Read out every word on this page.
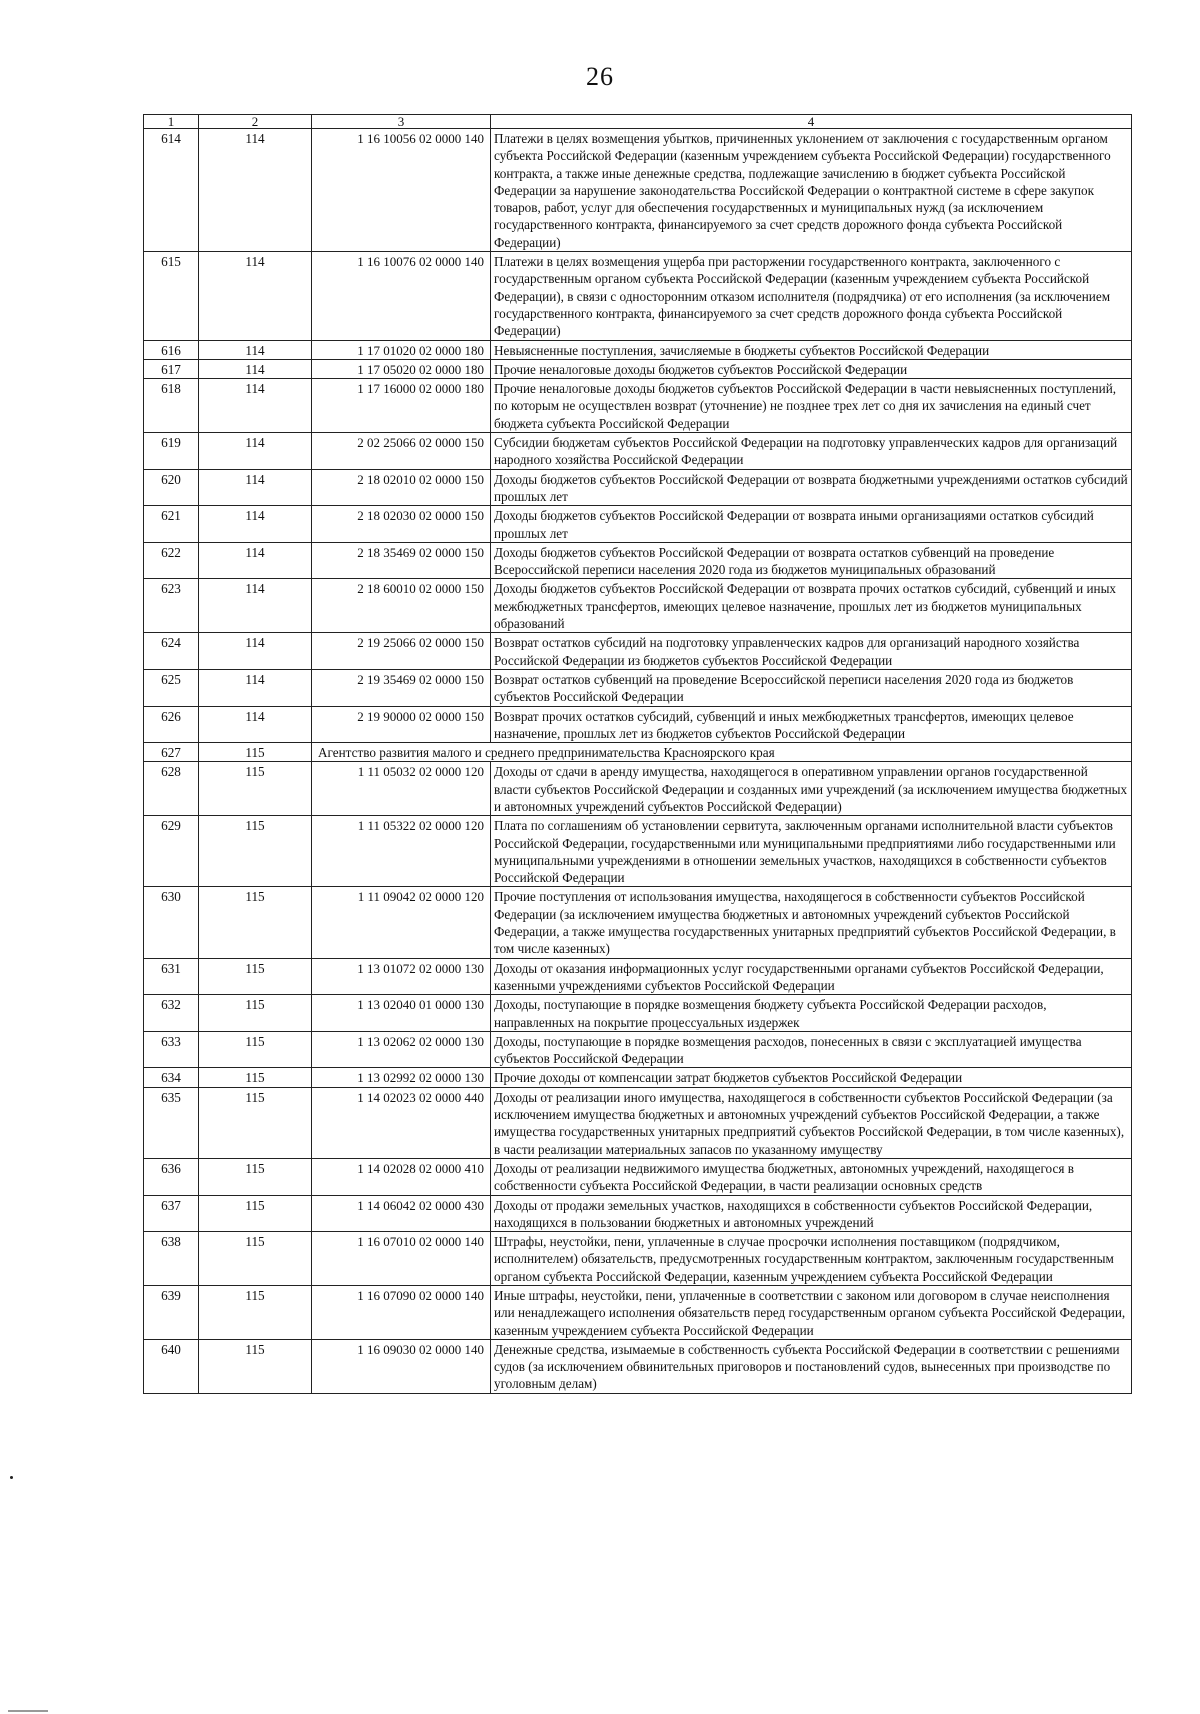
26
1	2	3	4
614	114	1 16 10056 02 0000 140	Платежи в целях возмещения убытков, причиненных уклонением от заключения с государственным органом субъекта Российской Федерации (казенным учреждением субъекта Российской Федерации) государственного контракта, а также иные денежные средства, подлежащие зачислению в бюджет субъекта Российской Федерации за нарушение законодательства Российской Федерации о контрактной системе в сфере закупок товаров, работ, услуг для обеспечения государственных и муниципальных нужд (за исключением государственного контракта, финансируемого за счет средств дорожного фонда субъекта Российской Федерации)
615	114	1 16 10076 02 0000 140	Платежи в целях возмещения ущерба при расторжении государственного контракта, заключенного с государственным органом субъекта Российской Федерации (казенным учреждением субъекта Российской Федерации), в связи с односторонним отказом исполнителя (подрядчика) от его исполнения (за исключением государственного контракта, финансируемого за счет средств дорожного фонда субъекта Российской Федерации)
616	114	1 17 01020 02 0000 180	Невыясненные поступления, зачисляемые в бюджеты субъектов Российской Федерации
617	114	1 17 05020 02 0000 180	Прочие неналоговые доходы бюджетов субъектов Российской Федерации
618	114	1 17 16000 02 0000 180	Прочие неналоговые доходы бюджетов субъектов Российской Федерации в части невыясненных поступлений, по которым не осуществлен возврат (уточнение) не позднее трех лет со дня их зачисления на единый счет бюджета субъекта Российской Федерации
619	114	2 02 25066 02 0000 150	Субсидии бюджетам субъектов Российской Федерации на подготовку управленческих кадров для организаций народного хозяйства Российской Федерации
620	114	2 18 02010 02 0000 150	Доходы бюджетов субъектов Российской Федерации от возврата бюджетными учреждениями остатков субсидий прошлых лет
621	114	2 18 02030 02 0000 150	Доходы бюджетов субъектов Российской Федерации от возврата иными организациями остатков субсидий прошлых лет
622	114	2 18 35469 02 0000 150	Доходы бюджетов субъектов Российской Федерации от возврата остатков субвенций на проведение Всероссийской переписи населения 2020 года из бюджетов муниципальных образований
623	114	2 18 60010 02 0000 150	Доходы бюджетов субъектов Российской Федерации от возврата прочих остатков субсидий, субвенций и иных межбюджетных трансфертов, имеющих целевое назначение, прошлых лет из бюджетов муниципальных образований
624	114	2 19 25066 02 0000 150	Возврат остатков субсидий на подготовку управленческих кадров для организаций народного хозяйства Российской Федерации из бюджетов субъектов Российской Федерации
625	114	2 19 35469 02 0000 150	Возврат остатков субвенций на проведение Всероссийской переписи населения 2020 года из бюджетов субъектов Российской Федерации
626	114	2 19 90000 02 0000 150	Возврат прочих остатков субсидий, субвенций и иных межбюджетных трансфертов, имеющих целевое назначение, прошлых лет из бюджетов субъектов Российской Федерации
627	115	Агентство развития малого и среднего предпринимательства Красноярского края	
628	115	1 11 05032 02 0000 120	Доходы от сдачи в аренду имущества, находящегося в оперативном управлении органов государственной власти субъектов Российской Федерации и созданных ими учреждений (за исключением имущества бюджетных и автономных учреждений субъектов Российской Федерации)
629	115	1 11 05322 02 0000 120	Плата по соглашениям об установлении сервитута, заключенным органами исполнительной власти субъектов Российской Федерации, государственными или муниципальными предприятиями либо государственными или муниципальными учреждениями в отношении земельных участков, находящихся в собственности субъектов Российской Федерации
630	115	1 11 09042 02 0000 120	Прочие поступления от использования имущества, находящегося в собственности субъектов Российской Федерации (за исключением имущества бюджетных и автономных учреждений субъектов Российской Федерации, а также имущества государственных унитарных предприятий субъектов Российской Федерации, в том числе казенных)
631	115	1 13 01072 02 0000 130	Доходы от оказания информационных услуг государственными органами субъектов Российской Федерации, казенными учреждениями субъектов Российской Федерации
632	115	1 13 02040 01 0000 130	Доходы, поступающие в порядке возмещения бюджету субъекта Российской Федерации расходов, направленных на покрытие процессуальных издержек
633	115	1 13 02062 02 0000 130	Доходы, поступающие в порядке возмещения расходов, понесенных в связи с эксплуатацией имущества субъектов Российской Федерации
634	115	1 13 02992 02 0000 130	Прочие доходы от компенсации затрат бюджетов субъектов Российской Федерации
635	115	1 14 02023 02 0000 440	Доходы от реализации иного имущества, находящегося в собственности субъектов Российской Федерации (за исключением имущества бюджетных и автономных учреждений субъектов Российской Федерации, а также имущества государственных унитарных предприятий субъектов Российской Федерации, в том числе казенных), в части реализации материальных запасов по указанному имуществу
636	115	1 14 02028 02 0000 410	Доходы от реализации недвижимого имущества бюджетных, автономных учреждений, находящегося в собственности субъекта Российской Федерации, в части реализации основных средств
637	115	1 14 06042 02 0000 430	Доходы от продажи земельных участков, находящихся в собственности субъектов Российской Федерации, находящихся в пользовании бюджетных и автономных учреждений
638	115	1 16 07010 02 0000 140	Штрафы, неустойки, пени, уплаченные в случае просрочки исполнения поставщиком (подрядчиком, исполнителем) обязательств, предусмотренных государственным контрактом, заключенным государственным органом субъекта Российской Федерации, казенным учреждением субъекта Российской Федерации
639	115	1 16 07090 02 0000 140	Иные штрафы, неустойки, пени, уплаченные в соответствии с законом или договором в случае неисполнения или ненадлежащего исполнения обязательств перед государственным органом субъекта Российской Федерации, казенным учреждением субъекта Российской Федерации
640	115	1 16 09030 02 0000 140	Денежные средства, изымаемые в собственность субъекта Российской Федерации в соответствии с решениями судов (за исключением обвинительных приговоров и постановлений судов, вынесенных при производстве по уголовным делам)
